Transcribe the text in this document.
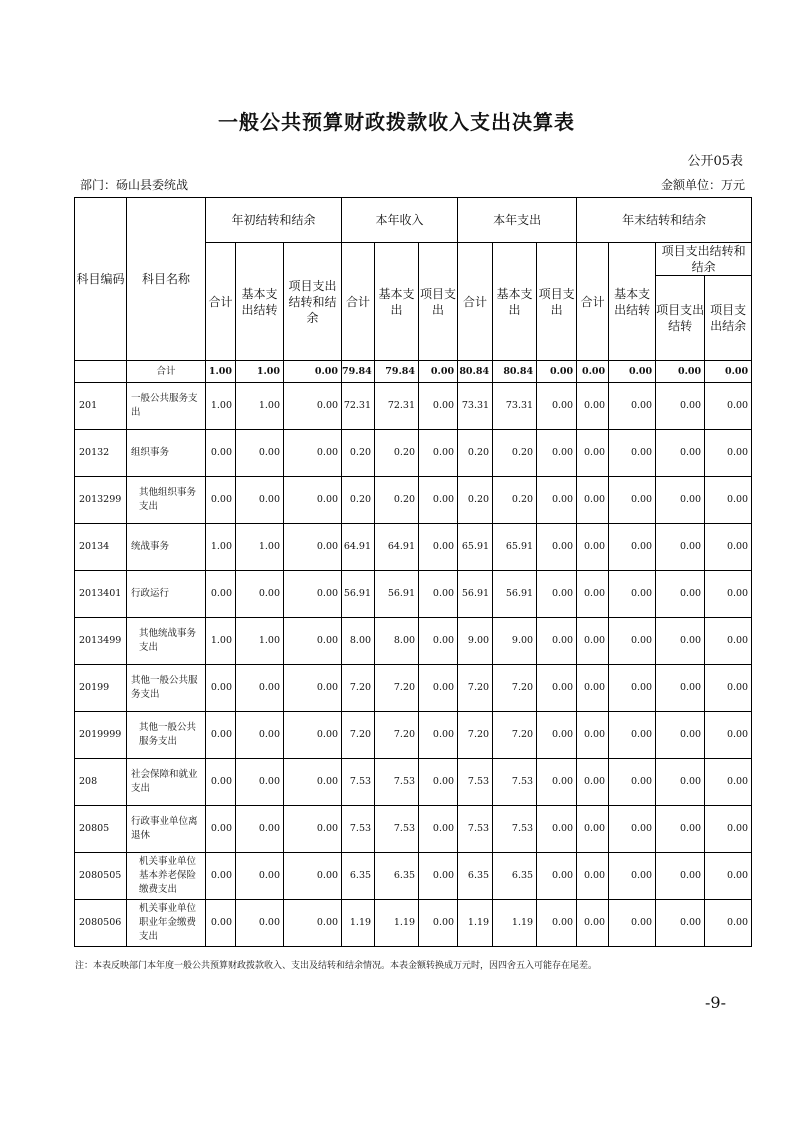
一般公共预算财政拨款收入支出决算表
公开05表
部门：砀山县委统战	金额单位：万元
科目编码	科目名称	年初结转和结余			本年收入			本年支出			年末结转和结余			
		合计	基本支出结转	项目支出结转和结余	合计	基本支出	项目支出	合计	基本支出	项目支出	合计	基本支出结转	项目支出结转和结余	
													项目支出结转	项目支出结余
	合计	1.00	1.00	0.00	79.84	79.84	0.00	80.84	80.84	0.00	0.00	0.00	0.00	0.00
201	一般公共服务支出	1.00	1.00	0.00	72.31	72.31	0.00	73.31	73.31	0.00	0.00	0.00	0.00	0.00
20132	组织事务	0.00	0.00	0.00	0.20	0.20	0.00	0.20	0.20	0.00	0.00	0.00	0.00	0.00
2013299	其他组织事务支出	0.00	0.00	0.00	0.20	0.20	0.00	0.20	0.20	0.00	0.00	0.00	0.00	0.00
20134	统战事务	1.00	1.00	0.00	64.91	64.91	0.00	65.91	65.91	0.00	0.00	0.00	0.00	0.00
2013401	行政运行	0.00	0.00	0.00	56.91	56.91	0.00	56.91	56.91	0.00	0.00	0.00	0.00	0.00
2013499	其他统战事务支出	1.00	1.00	0.00	8.00	8.00	0.00	9.00	9.00	0.00	0.00	0.00	0.00	0.00
20199	其他一般公共服务支出	0.00	0.00	0.00	7.20	7.20	0.00	7.20	7.20	0.00	0.00	0.00	0.00	0.00
2019999	其他一般公共服务支出	0.00	0.00	0.00	7.20	7.20	0.00	7.20	7.20	0.00	0.00	0.00	0.00	0.00
208	社会保障和就业支出	0.00	0.00	0.00	7.53	7.53	0.00	7.53	7.53	0.00	0.00	0.00	0.00	0.00
20805	行政事业单位离退休	0.00	0.00	0.00	7.53	7.53	0.00	7.53	7.53	0.00	0.00	0.00	0.00	0.00
2080505	机关事业单位基本养老保险缴费支出	0.00	0.00	0.00	6.35	6.35	0.00	6.35	6.35	0.00	0.00	0.00	0.00	0.00
2080506	机关事业单位职业年金缴费支出	0.00	0.00	0.00	1.19	1.19	0.00	1.19	1.19	0.00	0.00	0.00	0.00	0.00
注：本表反映部门本年度一般公共预算财政拨款收入、支出及结转和结余情况。本表金额转换成万元时，因四舍五入可能存在尾差。
-9-
